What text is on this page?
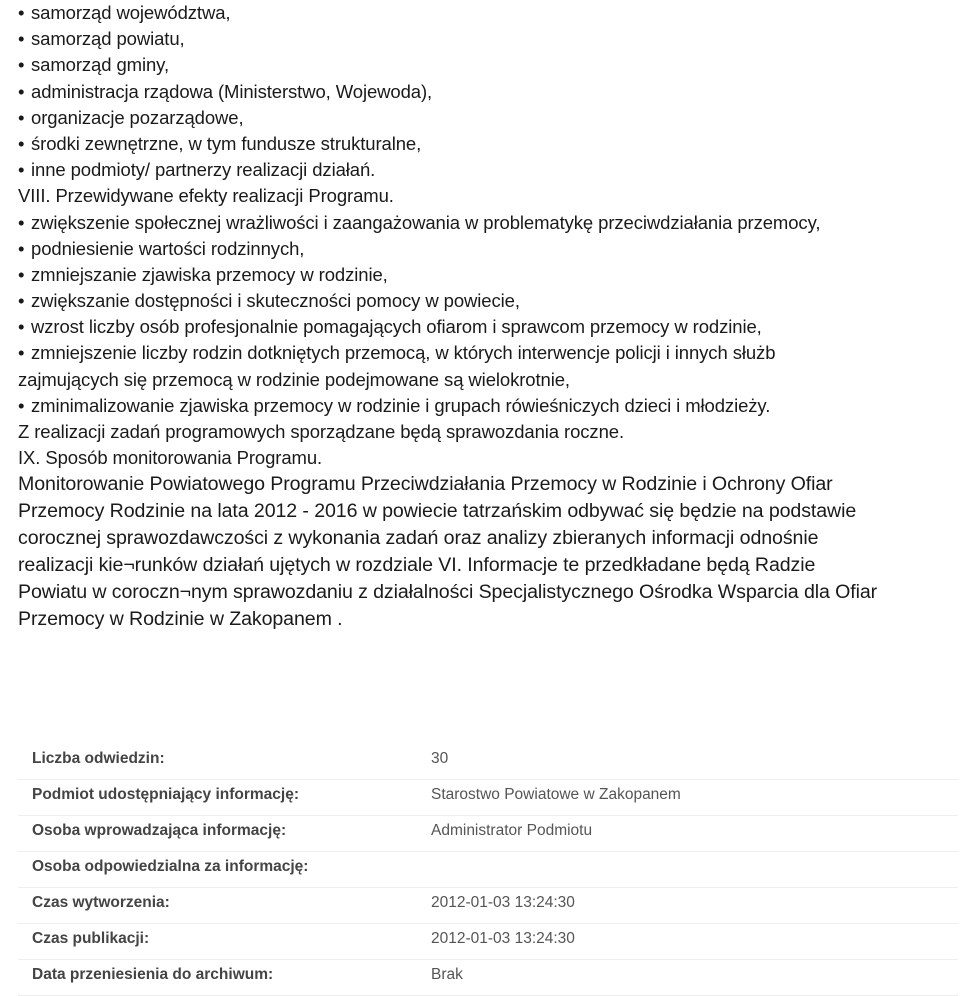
• samorząd województwa,
• samorząd powiatu,
• samorząd gminy,
• administracja rządowa (Ministerstwo, Wojewoda),
• organizacje pozarządowe,
• środki zewnętrzne, w tym fundusze strukturalne,
• inne podmioty/ partnerzy realizacji działań.
VIII. Przewidywane efekty realizacji Programu.
• zwiększenie społecznej wrażliwości i zaangażowania w problematykę przeciwdziałania przemocy,
• podniesienie wartości rodzinnych,
• zmniejszanie zjawiska przemocy w rodzinie,
• zwiększanie dostępności i skuteczności pomocy w powiecie,
• wzrost liczby osób profesjonalnie pomagających ofiarom i sprawcom przemocy w rodzinie,
• zmniejszenie liczby rodzin dotkniętych przemocą, w których interwencje policji i innych służb
zajmujących się przemocą w rodzinie podejmowane są wielokrotnie,
• zminimalizowanie zjawiska przemocy w rodzinie i grupach rówieśniczych dzieci i młodzieży.
Z realizacji zadań programowych sporządzane będą sprawozdania roczne.
IX. Sposób monitorowania Programu.
Monitorowanie Powiatowego Programu Przeciwdziałania Przemocy w Rodzinie i Ochrony Ofiar
Przemocy Rodzinie na lata 2012 - 2016 w powiecie tatrzańskim odbywać się będzie na podstawie
corocznej sprawozdawczości z wykonania zadań oraz analizy zbieranych informacji odnośnie
realizacji kie¬runków działań ujętych w rozdziale VI. Informacje te przedkładane będą Radzie
Powiatu w coroczn¬nym sprawozdaniu z działalności Specjalistycznego Ośrodka Wsparcia dla Ofiar
Przemocy w Rodzinie w Zakopanem .
Liczba odwiedzin:	30
Podmiot udostępniający informację:	Starostwo Powiatowe w Zakopanem
Osoba wprowadzająca informację:	Administrator Podmiotu
Osoba odpowiedzialna za informację:
Czas wytworzenia:	2012-01-03 13:24:30
Czas publikacji:	2012-01-03 13:24:30
Data przeniesienia do archiwum:	Brak
